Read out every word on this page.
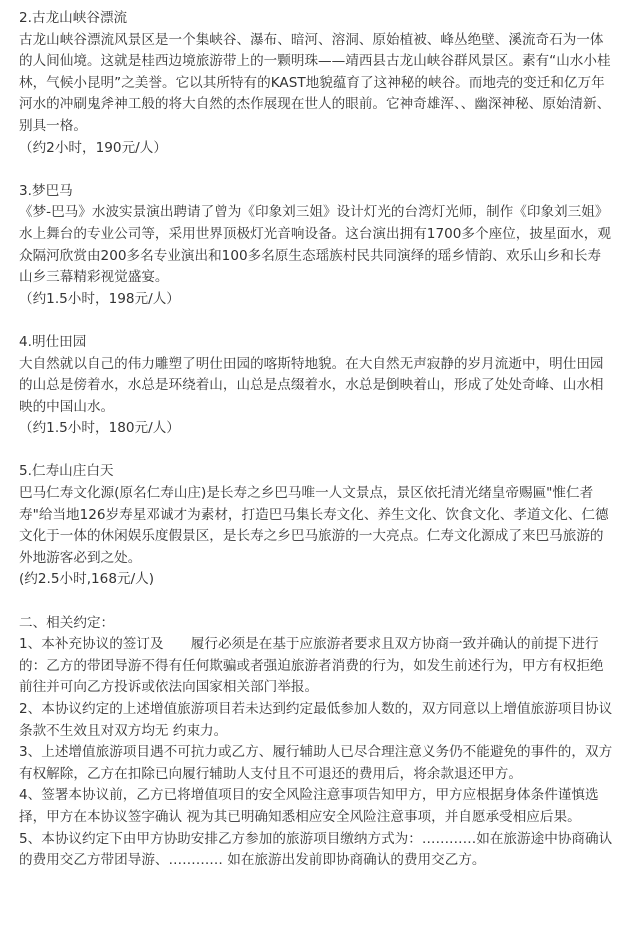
2.古龙山峡谷漂流

古龙山峡谷漂流风景区是一个集峡谷、瀑布、暗河、溶洞、原始植被、峰丛绝壁、溪流奇石为一体的人间仙境。这就是桂西边境旅游带上的一颗明珠——靖西县古龙山峡谷群风景区。素有“山水小桂林，气候小昆明”之美誉。它以其所特有的KAST地貌蕴育了这神秘的峡谷。而地壳的变迁和亿万年河水的冲刷鬼斧神工般的将大自然的杰作展现在世人的眼前。它神奇雄浑、、幽深神秘、原始清新、别具一格。

（约2小时，190元/人）

3.梦巴马

《梦-巴马》水波实景演出聘请了曾为《印象刘三姐》设计灯光的台湾灯光师，制作《印象刘三姐》水上舞台的专业公司等，采用世界顶极灯光音响设备。这台演出拥有1700多个座位，披星面水，观众隔河欣赏由200多名专业演出和100多名原生态瑶族村民共同演绎的瑶乡情韵、欢乐山乡和长寿山乡三幕精彩视觉盛宴。

（约1.5小时，198元/人）

4.明仕田园

大自然就以自己的伟力雕塑了明仕田园的喀斯特地貌。在大自然无声寂静的岁月流逝中，明仕田园的山总是傍着水，水总是环绕着山，山总是点缀着水，水总是倒映着山，形成了处处奇峰、山水相映的中国山水。

（约1.5小时，180元/人）

5.仁寿山庄白天

巴马仁寿文化源(原名仁寿山庄)是长寿之乡巴马唯一人文景点，景区依托清光绪皇帝赐匾"惟仁者寿"给当地126岁寿星邓诚才为素材，打造巴马集长寿文化、养生文化、饮食文化、孝道文化、仁德文化于一体的休闲娱乐度假景区，是长寿之乡巴马旅游的一大亮点。仁寿文化源成了来巴马旅游的外地游客必到之处。

(约2.5小时,168元/人)

二、相关约定：

1、本补充协议的签订及　　履行必须是在基于应旅游者要求且双方协商一致并确认的前提下进行的：乙方的带团导游不得有任何欺骗或者强迫旅游者消费的行为，如发生前述行为，甲方有权拒绝前往并可向乙方投诉或依法向国家相关部门举报。

2、本协议约定的上述增值旅游项目若未达到约定最低参加人数的，双方同意以上增值旅游项目协议条款不生效且对双方均无 约束力。

3、上述增值旅游项目遇不可抗力或乙方、履行辅助人已尽合理注意义务仍不能避免的事件的，双方有权解除，乙方在扣除已向履行辅助人支付且不可退还的费用后，将余款退还甲方。

4、签署本协议前，乙方已将增值项目的安全风险注意事项告知甲方，甲方应根据身体条件谨慎选择，甲方在本协议签字确认 视为其已明确知悉相应安全风险注意事项，并自愿承受相应后果。

5、本协议约定下由甲方协助安排乙方参加的旅游项目缴纳方式为：…………如在旅游途中协商确认的费用交乙方带团导游、………… 如在旅游出发前即协商确认的费用交乙方。
